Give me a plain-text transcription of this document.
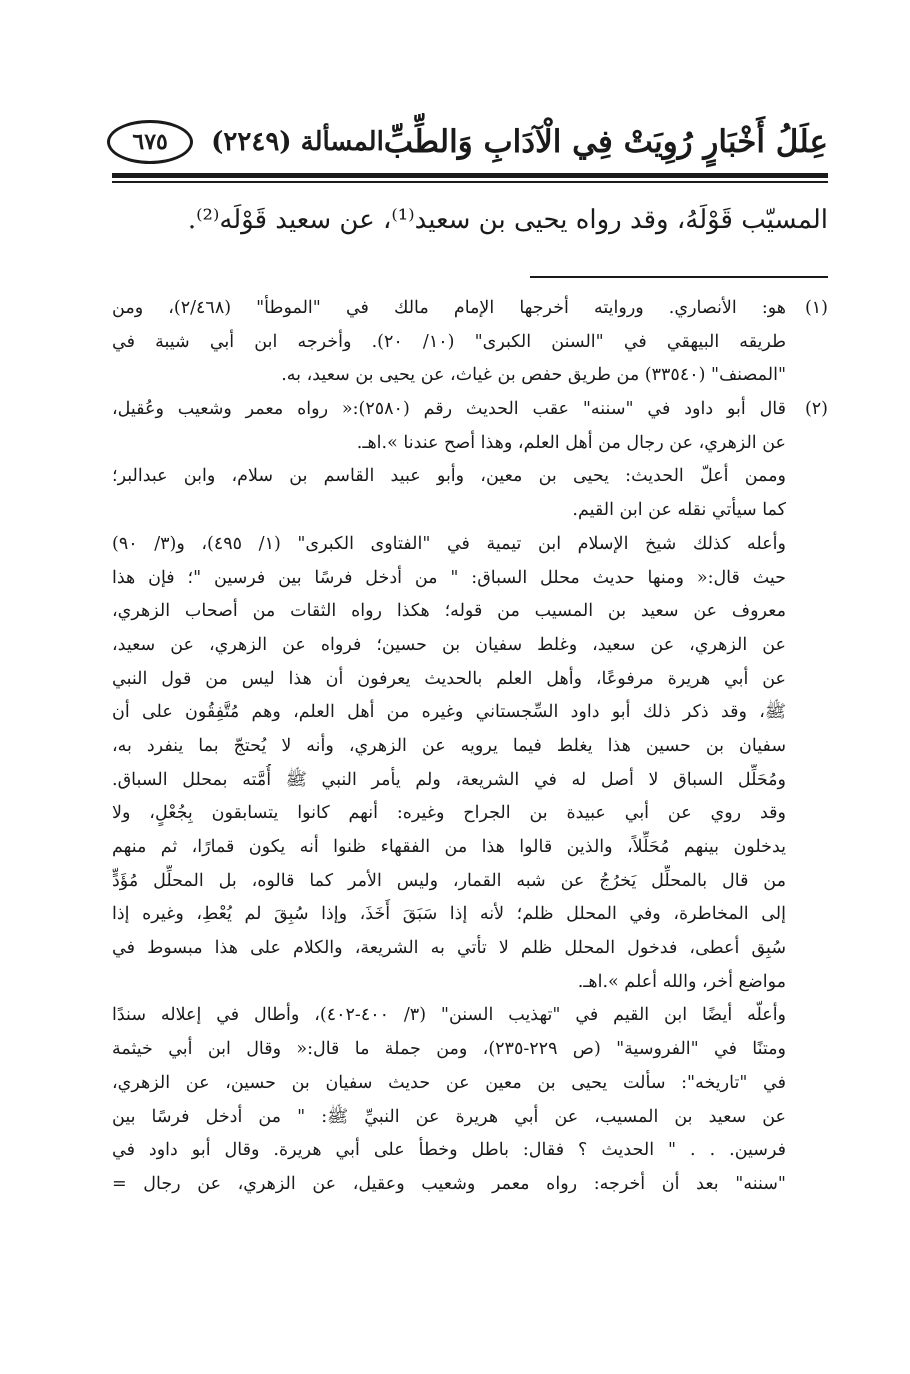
عِلَلُ أَخْبَارٍ رُوِيَتْ فِي الْآدَابِ وَالطِّبِّ
المسألة (٢٢٤٩)
٦٧٥
المسيّب قَوْلَهُ، وقد رواه يحيى بن سعيد⁽¹⁾، عن سعيد قَوْلَه⁽²⁾.
(١)
هو: الأنصاري. وروايته أخرجها الإمام مالك في "الموطأ" (٢/٤٦٨)، ومن
طريقه البيهقي في "السنن الكبرى" (١٠/ ٢٠). وأخرجه ابن أبي شيبة في
"المصنف" (٣٣٥٤٠) من طريق حفص بن غياث، عن يحيى بن سعيد، به.
(٢)
قال أبو داود في "سننه" عقب الحديث رقم (٢٥٨٠):« رواه معمر وشعيب وعُقيل،
عن الزهري، عن رجال من أهل العلم، وهذا أصح عندنا ».اهـ.
وممن أعلّ الحديث: يحيى بن معين، وأبو عبيد القاسم بن سلام، وابن عبدالبر؛
كما سيأتي نقله عن ابن القيم.
وأعله كذلك شيخ الإسلام ابن تيمية في "الفتاوى الكبرى" (١/ ٤٩٥)، و(٣/ ٩٠)
حيث قال:« ومنها حديث محلل السباق: " من أدخل فرسًا بين فرسين "؛ فإن هذا
معروف عن سعيد بن المسيب من قوله؛ هكذا رواه الثقات من أصحاب الزهري،
عن الزهري، عن سعيد، وغلط سفيان بن حسين؛ فرواه عن الزهري، عن سعيد،
عن أبي هريرة مرفوعًا، وأهل العلم بالحديث يعرفون أن هذا ليس من قول النبي
ﷺ، وقد ذكر ذلك أبو داود السِّجستاني وغيره من أهل العلم، وهم مُتَّفِقُون على أن
سفيان بن حسين هذا يغلط فيما يرويه عن الزهري، وأنه لا يُحتجّ بما ينفرد به،
ومُحَلِّل السباق لا أصل له في الشريعة، ولم يأمر النبي ﷺ أُمَّته بمحلل السباق.
وقد روي عن أبي عبيدة بن الجراح وغيره: أنهم كانوا يتسابقون بِجُعْلٍ، ولا
يدخلون بينهم مُحَلِّلاً، والذين قالوا هذا من الفقهاء ظنوا أنه يكون قمارًا، ثم منهم
من قال بالمحلِّل يَخرُجُ عن شبه القمار، وليس الأمر كما قالوه، بل المحلِّل مُؤَدٍّ
إلى المخاطرة، وفي المحلل ظلم؛ لأنه إذا سَبَقَ أَخَذَ، وإذا سُبِقَ لم يُعْطِ، وغيره إذا
سُبِق أعطى، فدخول المحلل ظلم لا تأتي به الشريعة، والكلام على هذا مبسوط في
مواضع أخر، والله أعلم ».اهـ.
وأعلّه أيضًا ابن القيم في "تهذيب السنن" (٣/ ٤٠٠-٤٠٢)، وأطال في إعلاله سندًا
ومتنًا في "الفروسية" (ص ٢٢٩-٢٣٥)، ومن جملة ما قال:« وقال ابن أبي خيثمة
في "تاريخه": سألت يحيى بن معين عن حديث سفيان بن حسين، عن الزهري،
عن سعيد بن المسيب، عن أبي هريرة عن النبيِّ ﷺ: " من أدخل فرسًا بين
فرسين. . . " الحديث ؟ فقال: باطل وخطأ على أبي هريرة. وقال أبو داود في
"سننه" بعد أن أخرجه: رواه معمر وشعيب وعقيل، عن الزهري، عن رجال =
